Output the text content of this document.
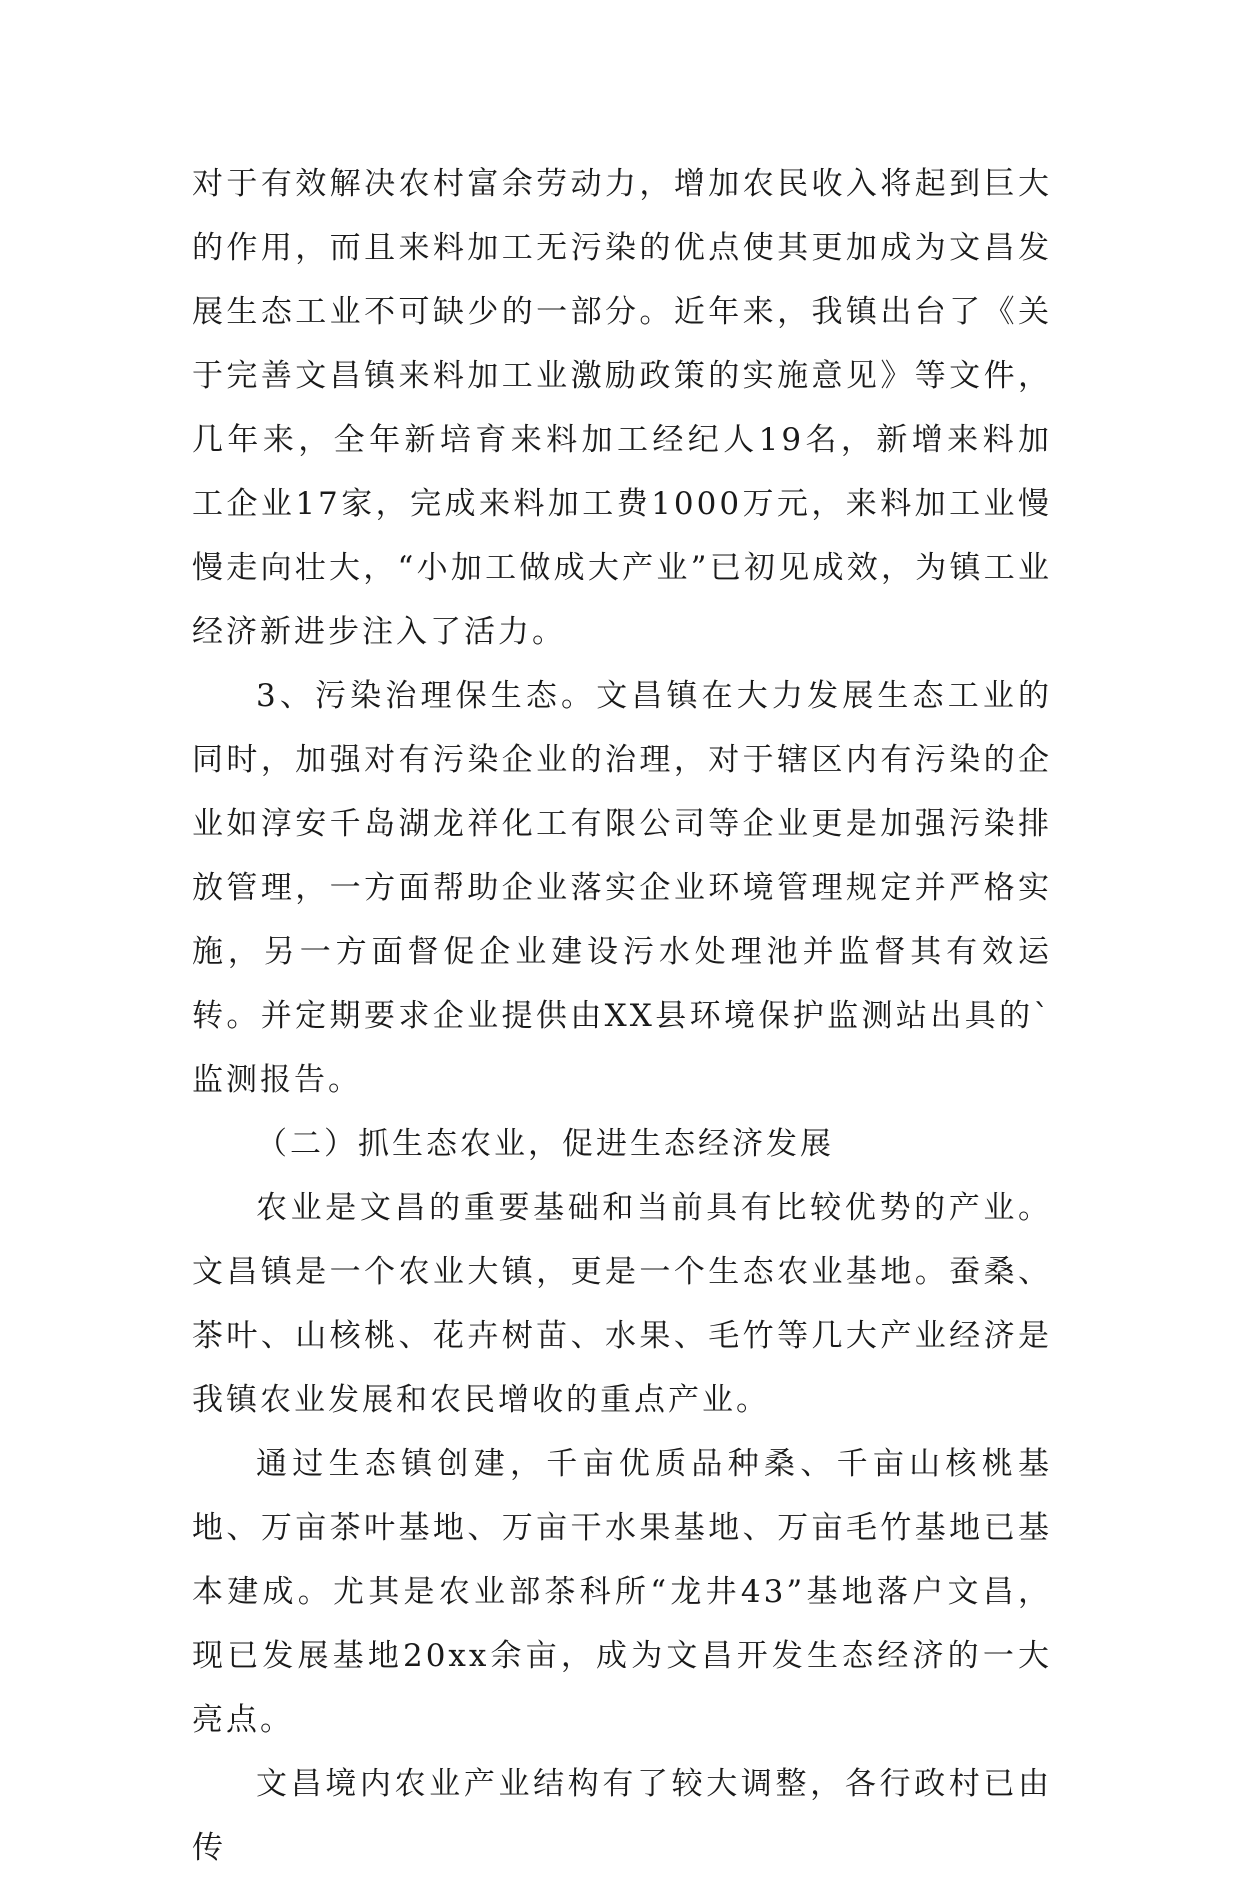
对于有效解决农村富余劳动力，增加农民收入将起到巨大的作用，而且来料加工无污染的优点使其更加成为文昌发展生态工业不可缺少的一部分。近年来，我镇出台了《关于完善文昌镇来料加工业激励政策的实施意见》等文件，几年来，全年新培育来料加工经纪人19名，新增来料加工企业17家，完成来料加工费1000万元，来料加工业慢慢走向壮大，“小加工做成大产业”已初见成效，为镇工业经济新进步注入了活力。

3、污染治理保生态。文昌镇在大力发展生态工业的同时，加强对有污染企业的治理，对于辖区内有污染的企业如淳安千岛湖龙祥化工有限公司等企业更是加强污染排放管理，一方面帮助企业落实企业环境管理规定并严格实施，另一方面督促企业建设污水处理池并监督其有效运转。并定期要求企业提供由XX县环境保护监测站出具的`监测报告。

（二）抓生态农业，促进生态经济发展

农业是文昌的重要基础和当前具有比较优势的产业。文昌镇是一个农业大镇，更是一个生态农业基地。蚕桑、茶叶、山核桃、花卉树苗、水果、毛竹等几大产业经济是我镇农业发展和农民增收的重点产业。

通过生态镇创建，千亩优质品种桑、千亩山核桃基地、万亩茶叶基地、万亩干水果基地、万亩毛竹基地已基本建成。尤其是农业部茶科所“龙井43”基地落户文昌，现已发展基地20xx余亩，成为文昌开发生态经济的一大亮点。

文昌境内农业产业结构有了较大调整，各行政村已由传
